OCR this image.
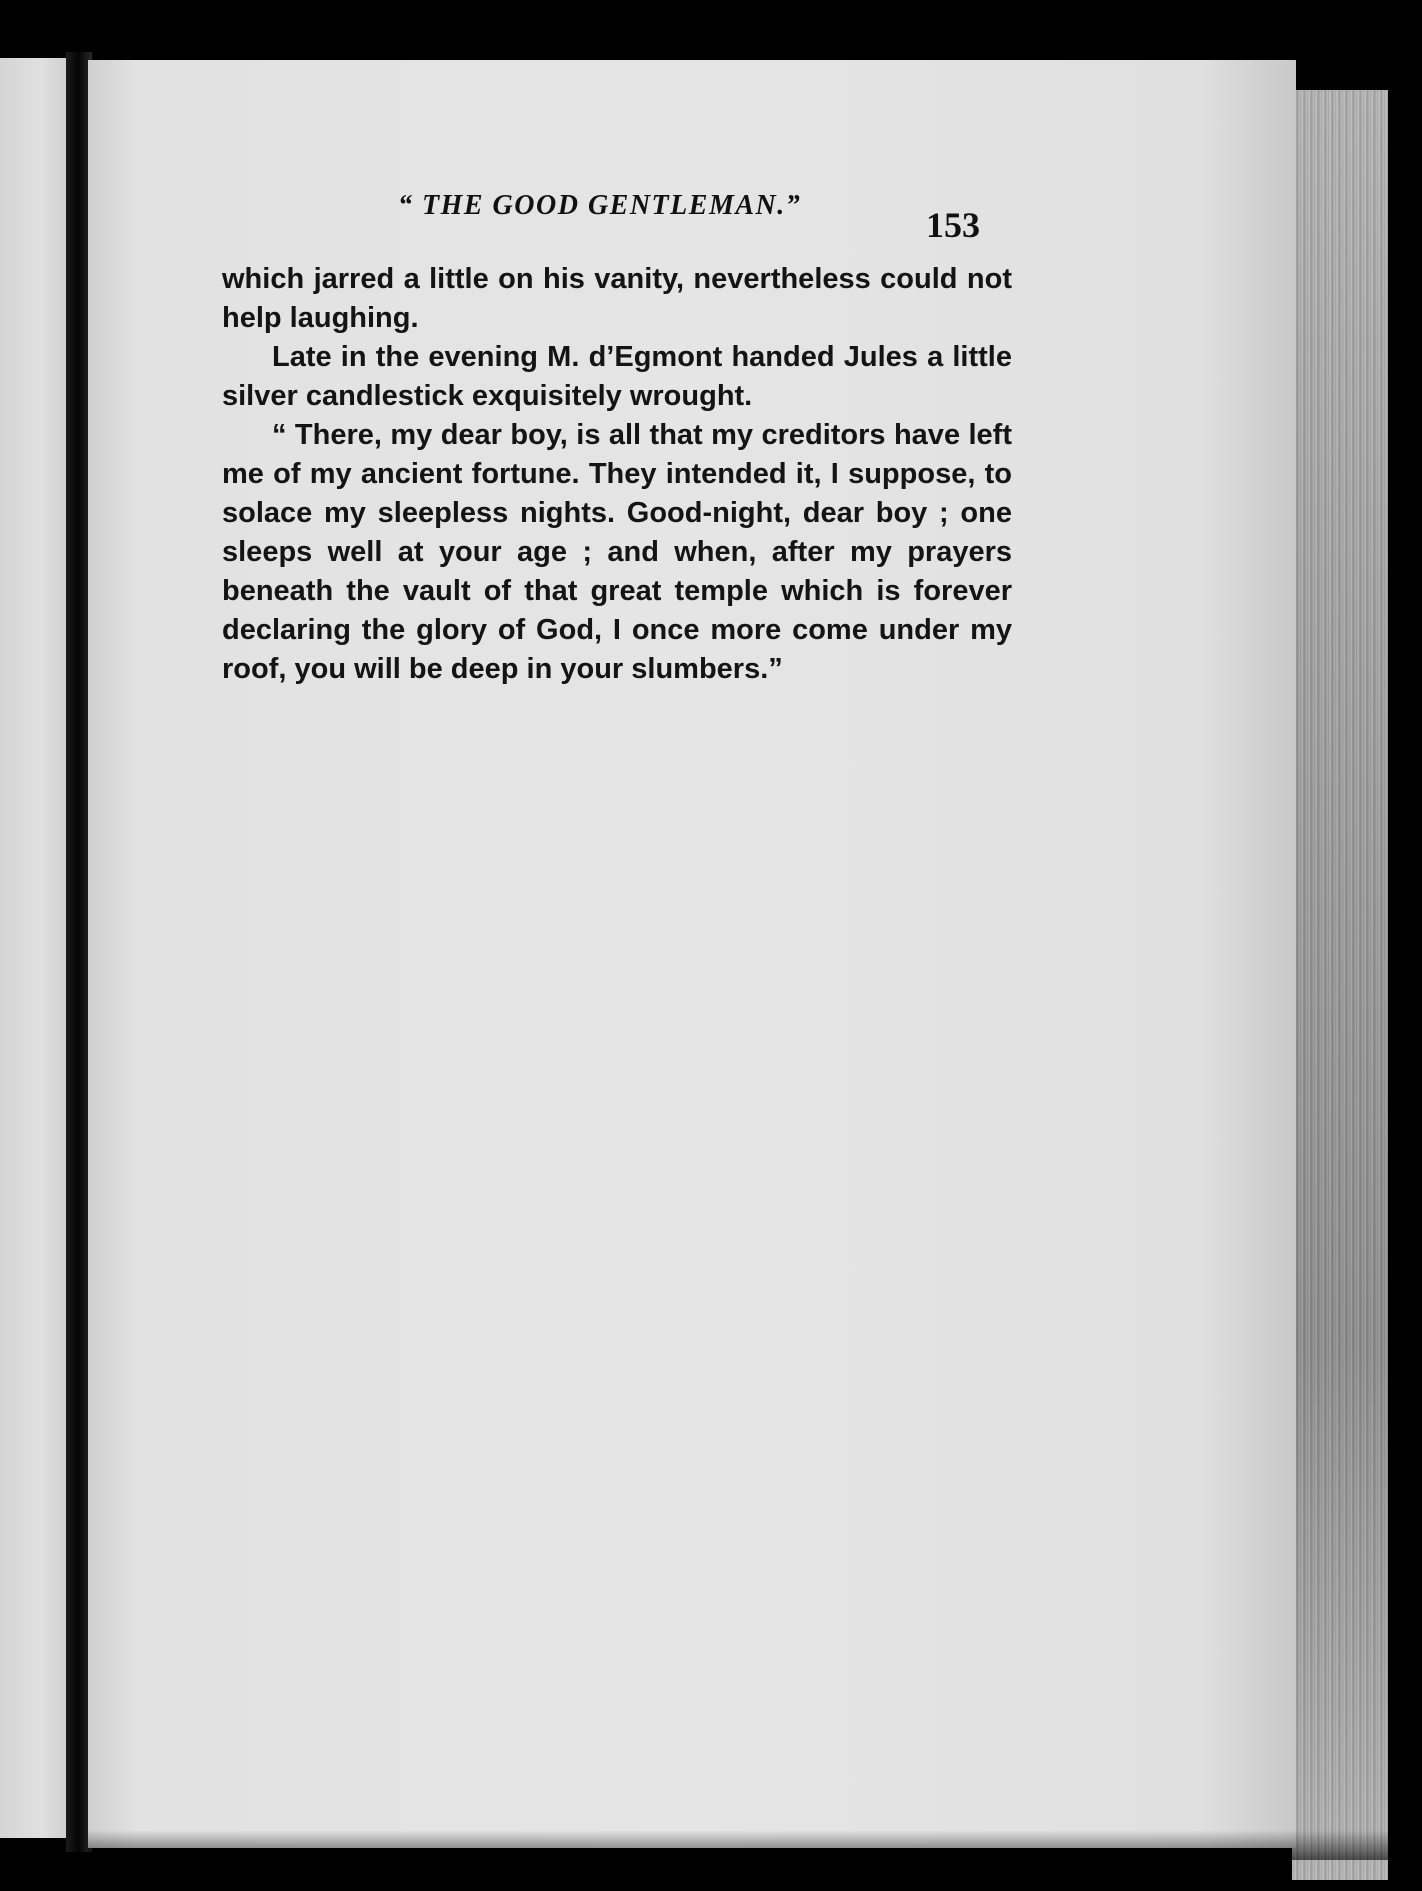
“ THE GOOD GENTLEMAN.”	153

which jarred a little on his vanity, nevertheless could not help laughing.

Late in the evening M. d’Egmont handed Jules a little silver candlestick exquisitely wrought.

“ There, my dear boy, is all that my creditors have left me of my ancient fortune. They intended it, I suppose, to solace my sleepless nights. Good-night, dear boy ; one sleeps well at your age ; and when, after my prayers beneath the vault of that great temple which is forever declaring the glory of God, I once more come under my roof, you will be deep in your slumbers.”
